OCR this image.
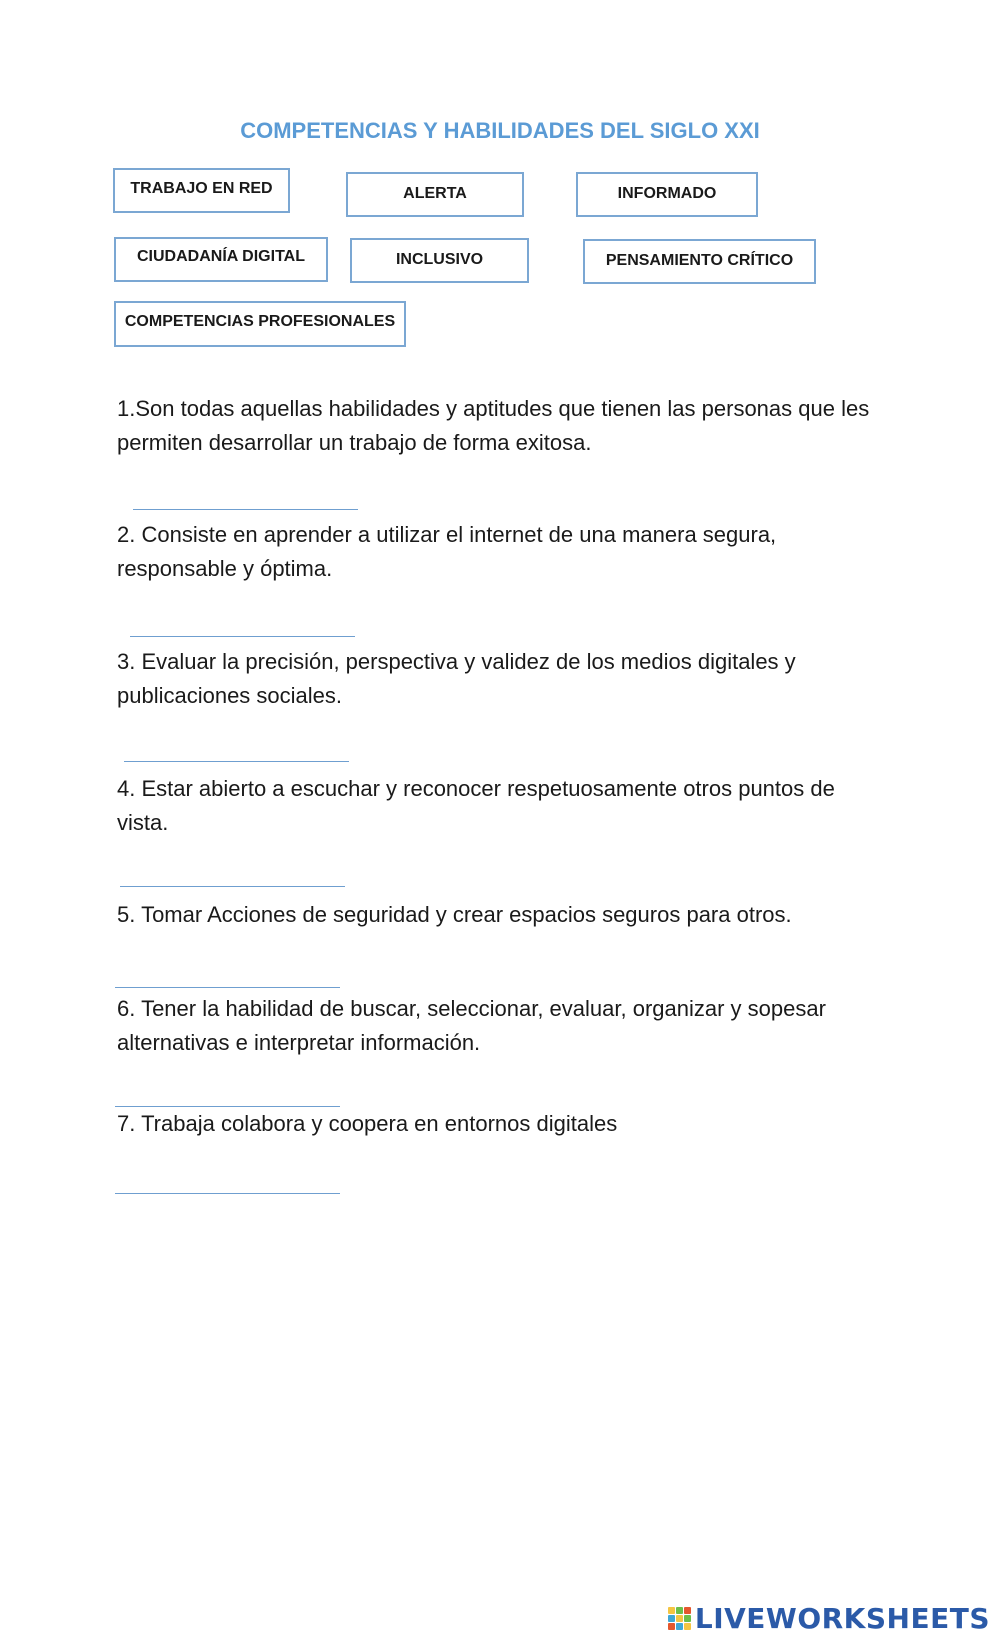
COMPETENCIAS Y HABILIDADES DEL SIGLO XXI
TRABAJO EN RED	ALERTA	INFORMADO
CIUDADANÍA DIGITAL	INCLUSIVO	PENSAMIENTO CRÍTICO
COMPETENCIAS PROFESIONALES
1.Son todas aquellas habilidades y aptitudes que tienen las personas que les permiten desarrollar un trabajo de forma exitosa.
2. Consiste en aprender a utilizar el internet de una manera segura, responsable y óptima.
3. Evaluar la precisión, perspectiva y validez de los medios digitales y publicaciones sociales.
4. Estar abierto a escuchar y reconocer respetuosamente otros puntos de vista.
5. Tomar Acciones de seguridad y crear espacios seguros para otros.
6. Tener la habilidad de buscar, seleccionar, evaluar, organizar y sopesar alternativas e interpretar información.
7. Trabaja colabora y coopera en entornos digitales
LIVEWORKSHEETS
